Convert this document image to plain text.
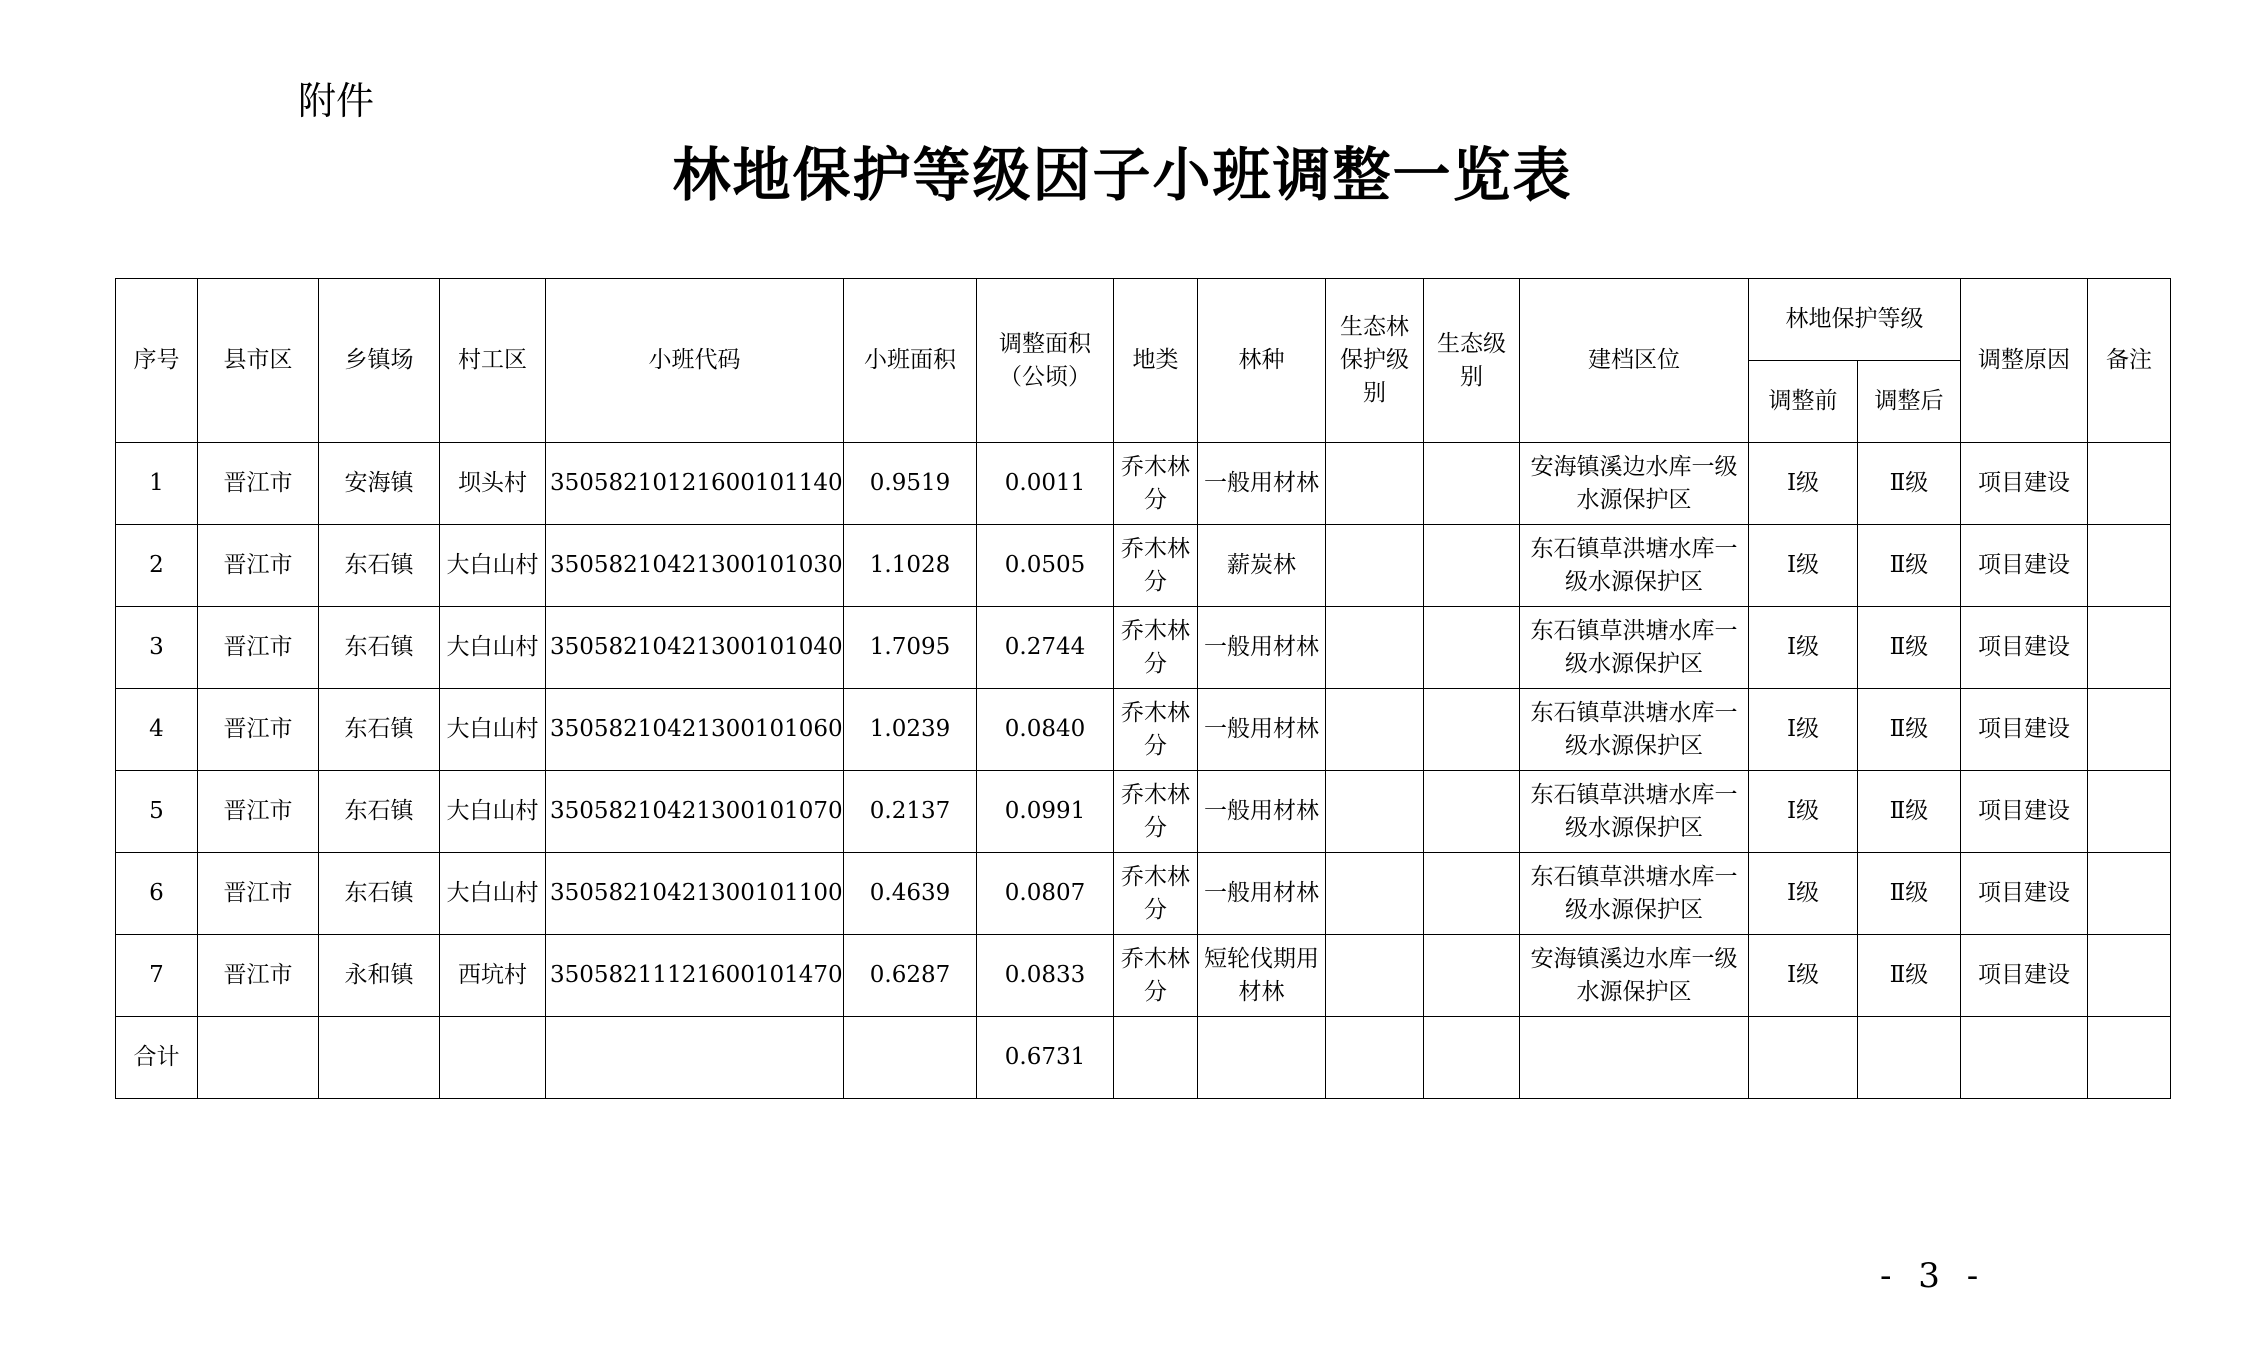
附件
林地保护等级因子小班调整一览表
序号	县市区	乡镇场	村工区	小班代码	小班面积	调整面积（公顷）	地类	林种	生态林保护级别	生态级别	建档区位	林地保护等级		调整原因	备注
												调整前	调整后		
1	晋江市	安海镇	坝头村	35058210121600101140	0.9519	0.0011	乔木林分	一般用材林			安海镇溪边水库一级水源保护区	Ⅰ级	Ⅱ级	项目建设	
2	晋江市	东石镇	大白山村	35058210421300101030	1.1028	0.0505	乔木林分	薪炭林			东石镇草洪塘水库一级水源保护区	Ⅰ级	Ⅱ级	项目建设	
3	晋江市	东石镇	大白山村	35058210421300101040	1.7095	0.2744	乔木林分	一般用材林			东石镇草洪塘水库一级水源保护区	Ⅰ级	Ⅱ级	项目建设	
4	晋江市	东石镇	大白山村	35058210421300101060	1.0239	0.0840	乔木林分	一般用材林			东石镇草洪塘水库一级水源保护区	Ⅰ级	Ⅱ级	项目建设	
5	晋江市	东石镇	大白山村	35058210421300101070	0.2137	0.0991	乔木林分	一般用材林			东石镇草洪塘水库一级水源保护区	Ⅰ级	Ⅱ级	项目建设	
6	晋江市	东石镇	大白山村	35058210421300101100	0.4639	0.0807	乔木林分	一般用材林			东石镇草洪塘水库一级水源保护区	Ⅰ级	Ⅱ级	项目建设	
7	晋江市	永和镇	西坑村	35058211121600101470	0.6287	0.0833	乔木林分	短轮伐期用材林			安海镇溪边水库一级水源保护区	Ⅰ级	Ⅱ级	项目建设	
合计						0.6731									
- 3 -
